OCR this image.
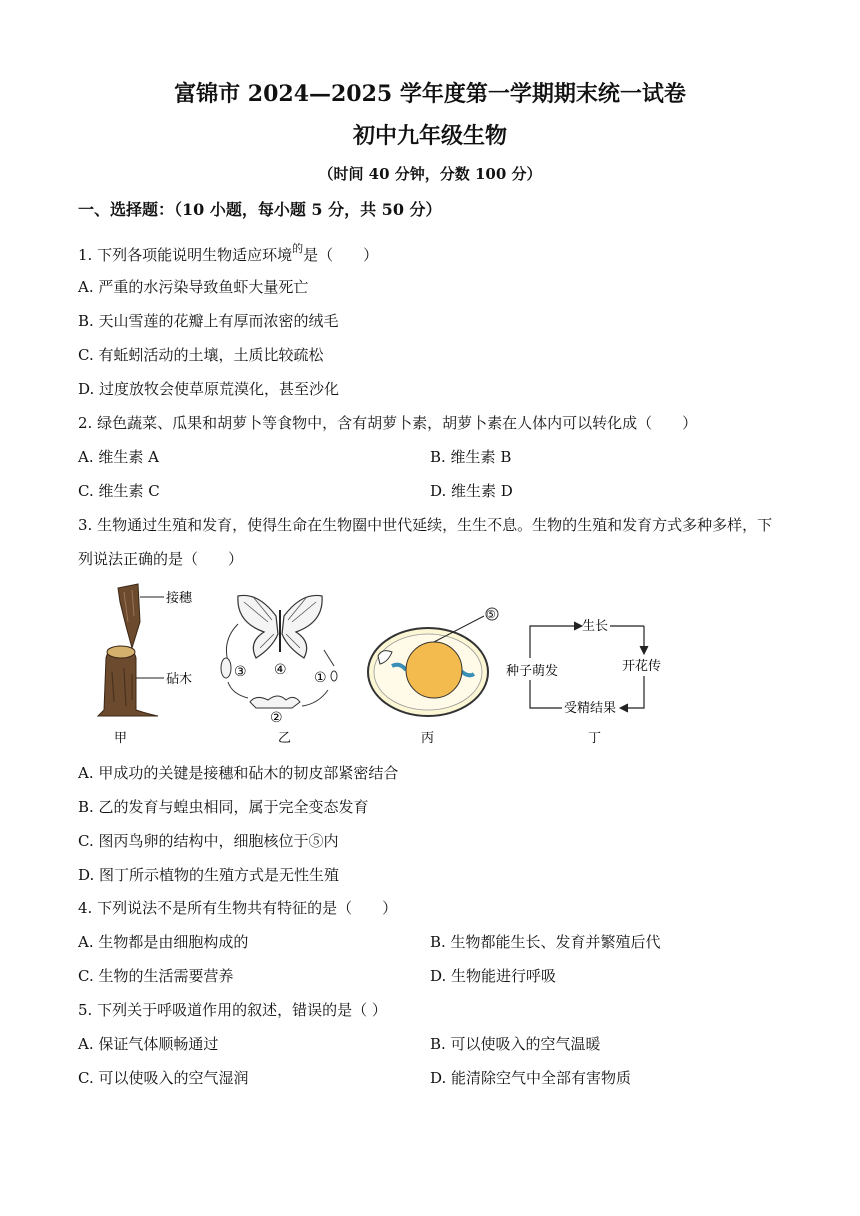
富锦市 2024—2025 学年度第一学期期末统一试卷
初中九年级生物
（时间 40 分钟，分数 100 分）
一、选择题：（10 小题，每小题 5 分，共 50 分）
1. 下列各项能说明生物适应环境$^的$是（　　）
A. 严重的水污染导致鱼虾大量死亡
B. 天山雪莲的花瓣上有厚而浓密的绒毛
C. 有蚯蚓活动的土壤，土质比较疏松
D. 过度放牧会使草原荒漠化，甚至沙化
2. 绿色蔬菜、瓜果和胡萝卜等食物中，含有胡萝卜素，胡萝卜素在人体内可以转化成（　　）
A. 维生素 A	B. 维生素 B
C. 维生素 C	D. 维生素 D
3. 生物通过生殖和发育，使得生命在生物圈中世代延续，生生不息。生物的生殖和发育方式多种多样，下
列说法正确的是（　　）
接穗
砧木
甲
④ ①
②
③
乙
⑤
丙
生长
开花传
受精结果
种子萌发
丁
A. 甲成功的关键是接穗和砧木的韧皮部紧密结合
B. 乙的发育与蝗虫相同，属于完全变态发育
C. 图丙鸟卵的结构中，细胞核位于⑤内
D. 图丁所示植物的生殖方式是无性生殖
4. 下列说法不是所有生物共有特征的是（　　）
A. 生物都是由细胞构成的	B. 生物都能生长、发育并繁殖后代
C. 生物的生活需要营养	D. 生物能进行呼吸
5. 下列关于呼吸道作用的叙述，错误的是（ ）
A. 保证气体顺畅通过	B. 可以使吸入的空气温暖
C. 可以使吸入的空气湿润	D. 能清除空气中全部有害物质
